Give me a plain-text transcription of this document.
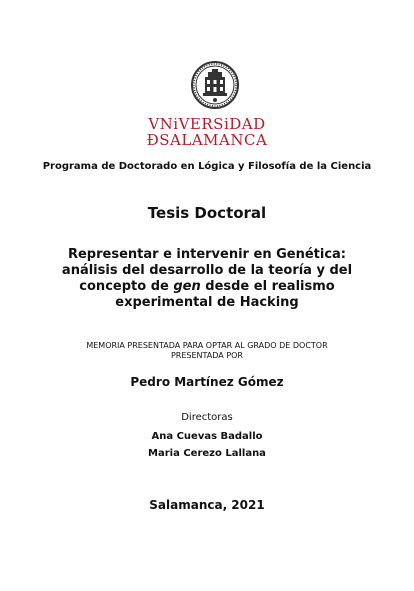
VNiVERSiDAD
ÐSALAMANCA
Programa de Doctorado en Lógica y Filosofía de la Ciencia
Tesis Doctoral
Representar e intervenir en Genética: análisis del desarrollo de la teoría y del concepto de gen desde el realismo experimental de Hacking
MEMORIA PRESENTADA PARA OPTAR AL GRADO DE DOCTOR
PRESENTADA POR
Pedro Martínez Gómez
Directoras
Ana Cuevas Badallo
Maria Cerezo Lallana
Salamanca, 2021
